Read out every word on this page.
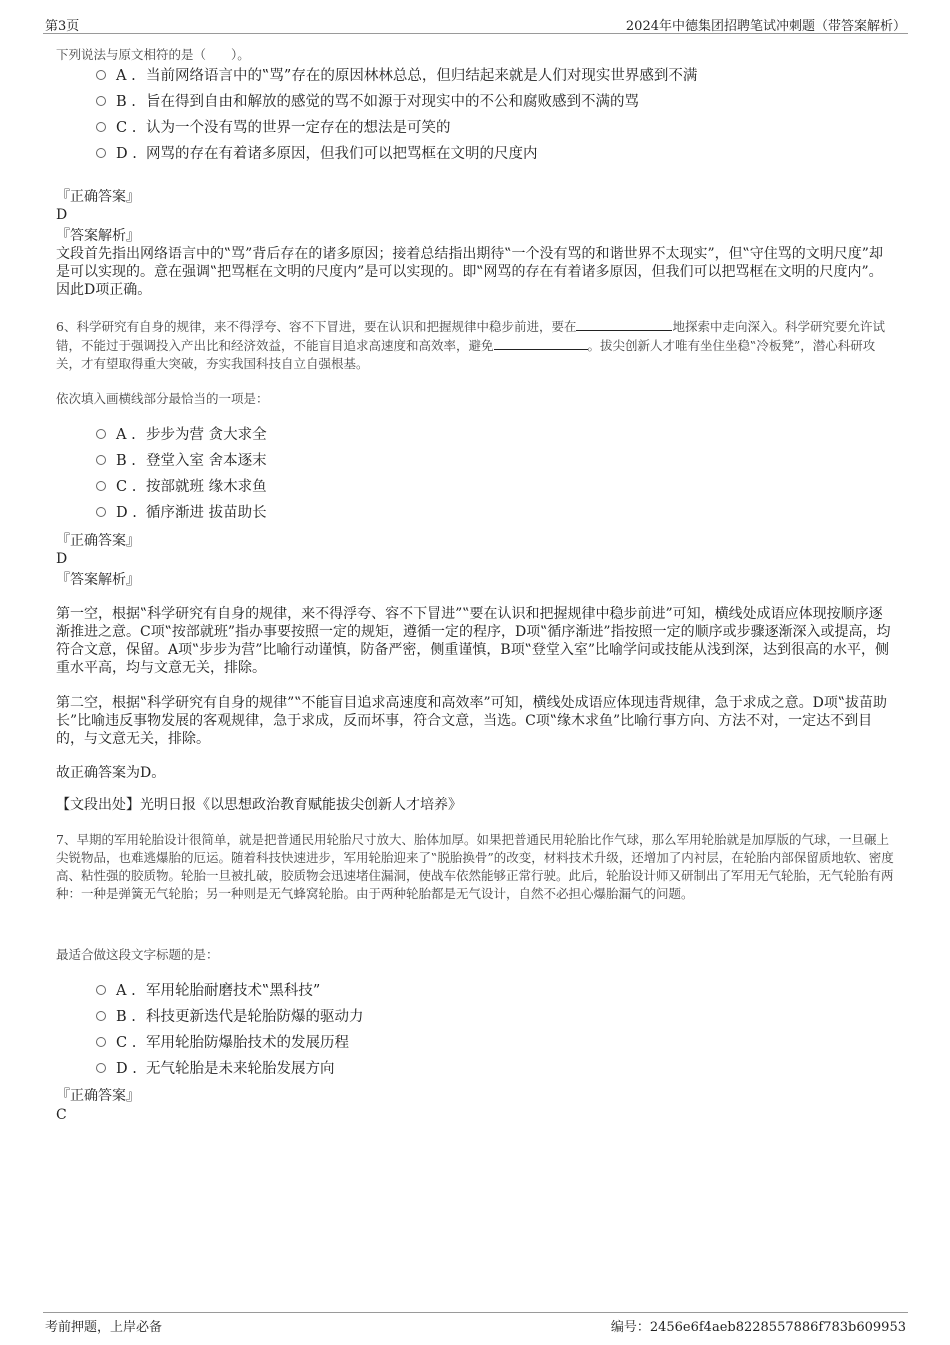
第3页	2024年中德集团招聘笔试冲刺题（带答案解析）
下列说法与原文相符的是（　　）。
A . 当前网络语言中的‟骂”存在的原因林林总总，但归结起来就是人们对现实世界感到不满
B . 旨在得到自由和解放的感觉的骂不如源于对现实中的不公和腐败感到不满的骂
C . 认为一个没有骂的世界一定存在的想法是可笑的
D . 网骂的存在有着诸多原因，但我们可以把骂框在文明的尺度内
『正确答案』
D
『答案解析』
文段首先指出网络语言中的‟骂”背后存在的诸多原因；接着总结指出期待‟一个没有骂的和谐世界不太现实”，但‟守住骂的文明尺度”却是可以实现的。意在强调‟把骂框在文明的尺度内”是可以实现的。即‟网骂的存在有着诸多原因，但我们可以把骂框在文明的尺度内”。因此D项正确。
6、科学研究有自身的规律，来不得浮夸、容不下冒进，要在认识和把握规律中稳步前进，要在	地探索中走向深入。科学研究要允许试错，不能过于强调投入产出比和经济效益，不能盲目追求高速度和高效率，避免	。拔尖创新人才唯有坐住坐稳‟冷板凳”，潜心科研攻关，才有望取得重大突破，夯实我国科技自立自强根基。
依次填入画横线部分最恰当的一项是：
A . 步步为营 贪大求全
B . 登堂入室 舍本逐末
C . 按部就班 缘木求鱼
D . 循序渐进 拔苗助长
『正确答案』
D
『答案解析』
第一空，根据‟科学研究有自身的规律，来不得浮夸、容不下冒进”‟要在认识和把握规律中稳步前进”可知，横线处成语应体现按顺序逐渐推进之意。C项‟按部就班”指办事要按照一定的规矩，遵循一定的程序，D项‟循序渐进”指按照一定的顺序或步骤逐渐深入或提高，均符合文意，保留。A项‟步步为营”比喻行动谨慎，防备严密，侧重谨慎，B项‟登堂入室”比喻学问或技能从浅到深，达到很高的水平，侧重水平高，均与文意无关，排除。
第二空，根据‟科学研究有自身的规律”‟不能盲目追求高速度和高效率”可知，横线处成语应体现违背规律，急于求成之意。D项‟拔苗助长”比喻违反事物发展的客观规律，急于求成，反而坏事，符合文意，当选。C项‟缘木求鱼”比喻行事方向、方法不对，一定达不到目的，与文意无关，排除。
故正确答案为D。
【文段出处】光明日报《以思想政治教育赋能拔尖创新人才培养》
7、早期的军用轮胎设计很简单，就是把普通民用轮胎尺寸放大、胎体加厚。如果把普通民用轮胎比作气球，那么军用轮胎就是加厚版的气球，一旦碾上尖锐物品，也难逃爆胎的厄运。随着科技快速进步，军用轮胎迎来了‟脱胎换骨”的改变，材料技术升级，还增加了内衬层，在轮胎内部保留质地软、密度高、粘性强的胶质物。轮胎一旦被扎破，胶质物会迅速堵住漏洞，使战车依然能够正常行驶。此后，轮胎设计师又研制出了军用无气轮胎，无气轮胎有两种：一种是弹簧无气轮胎；另一种则是无气蜂窝轮胎。由于两种轮胎都是无气设计，自然不必担心爆胎漏气的问题。
最适合做这段文字标题的是：
A . 军用轮胎耐磨技术‟黑科技”
B . 科技更新迭代是轮胎防爆的驱动力
C . 军用轮胎防爆胎技术的发展历程
D . 无气轮胎是未来轮胎发展方向
『正确答案』
C
考前押题，上岸必备	编号：2456e6f4aeb8228557886f783b609953
